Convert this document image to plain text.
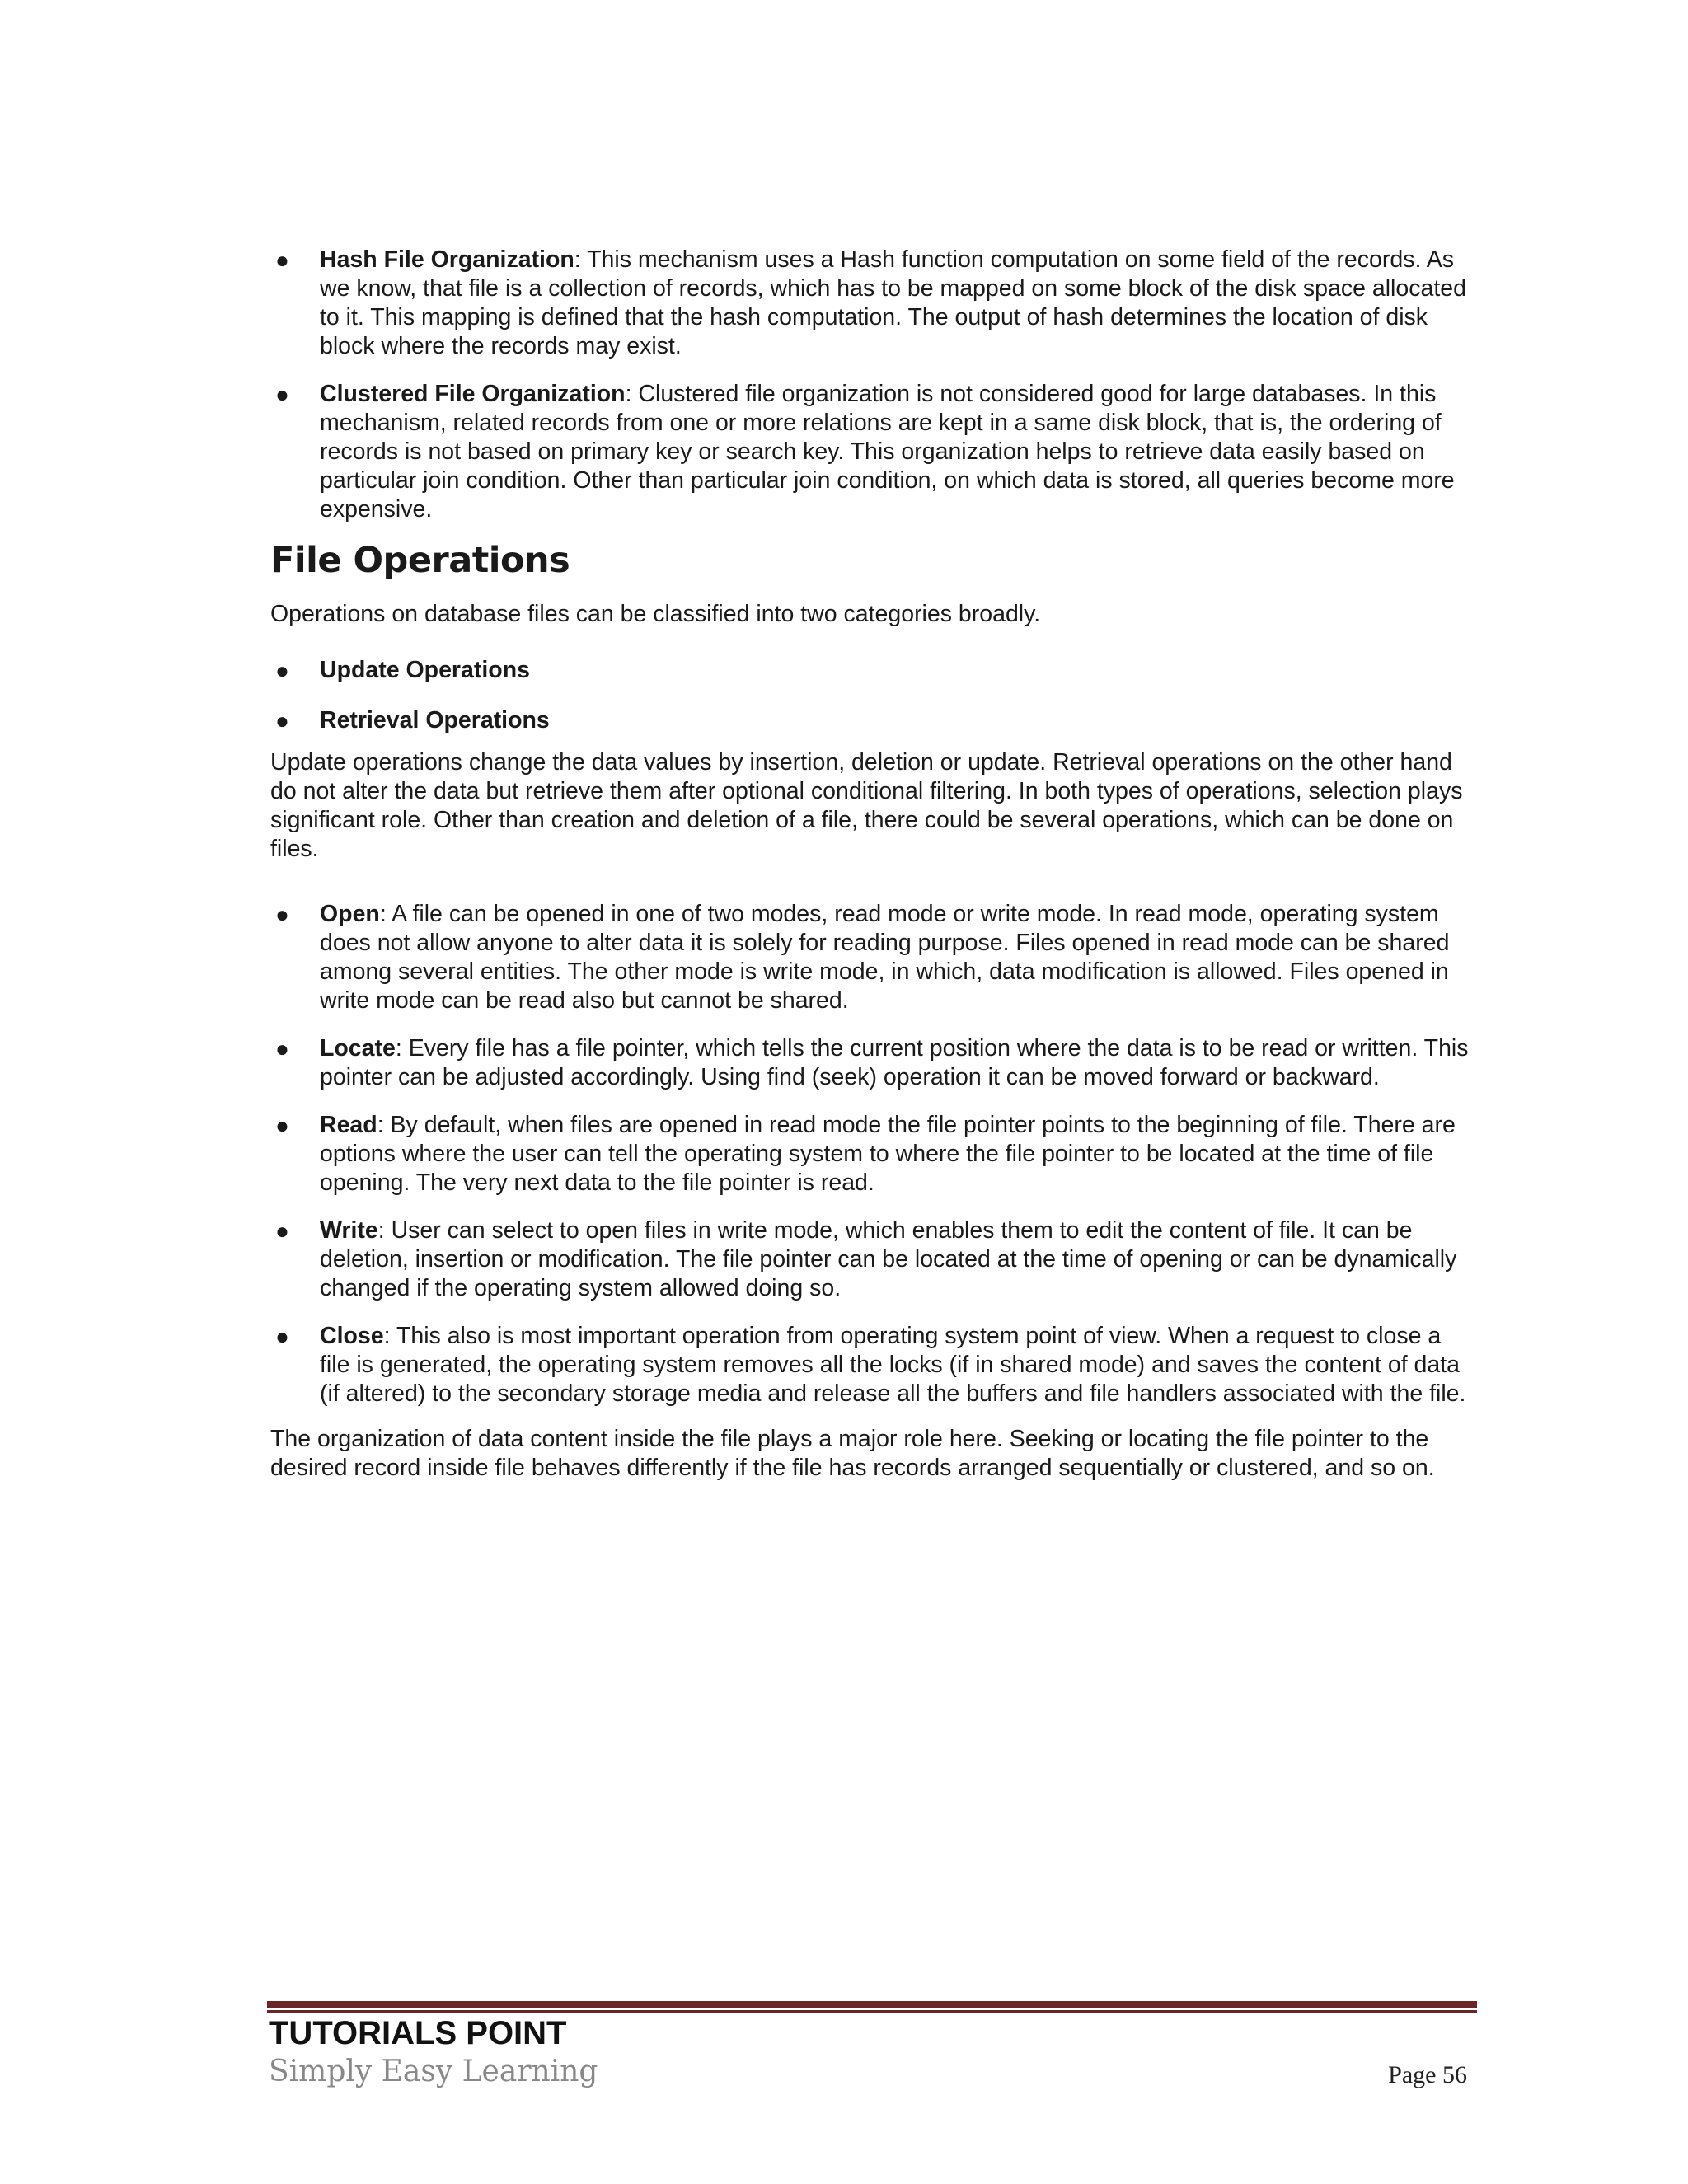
● Hash File Organization: This mechanism uses a Hash function computation on some field of the records. As we know, that file is a collection of records, which has to be mapped on some block of the disk space allocated to it. This mapping is defined that the hash computation. The output of hash determines the location of disk block where the records may exist.
● Clustered File Organization: Clustered file organization is not considered good for large databases. In this mechanism, related records from one or more relations are kept in a same disk block, that is, the ordering of records is not based on primary key or search key. This organization helps to retrieve data easily based on particular join condition. Other than particular join condition, on which data is stored, all queries become more expensive.
File Operations

Operations on database files can be classified into two categories broadly.

● Update Operations
● Retrieval Operations

Update operations change the data values by insertion, deletion or update. Retrieval operations on the other hand do not alter the data but retrieve them after optional conditional filtering. In both types of operations, selection plays significant role. Other than creation and deletion of a file, there could be several operations, which can be done on files.

● Open: A file can be opened in one of two modes, read mode or write mode. In read mode, operating system does not allow anyone to alter data it is solely for reading purpose. Files opened in read mode can be shared among several entities. The other mode is write mode, in which, data modification is allowed. Files opened in write mode can be read also but cannot be shared.
● Locate: Every file has a file pointer, which tells the current position where the data is to be read or written. This pointer can be adjusted accordingly. Using find (seek) operation it can be moved forward or backward.
● Read: By default, when files are opened in read mode the file pointer points to the beginning of file. There are options where the user can tell the operating system to where the file pointer to be located at the time of file opening. The very next data to the file pointer is read.
● Write: User can select to open files in write mode, which enables them to edit the content of file. It can be deletion, insertion or modification. The file pointer can be located at the time of opening or can be dynamically changed if the operating system allowed doing so.
● Close: This also is most important operation from operating system point of view. When a request to close a file is generated, the operating system removes all the locks (if in shared mode) and saves the content of data (if altered) to the secondary storage media and release all the buffers and file handlers associated with the file.

The organization of data content inside the file plays a major role here. Seeking or locating the file pointer to the desired record inside file behaves differently if the file has records arranged sequentially or clustered, and so on.

TUTORIALS POINT
Simply Easy Learning	Page 56
